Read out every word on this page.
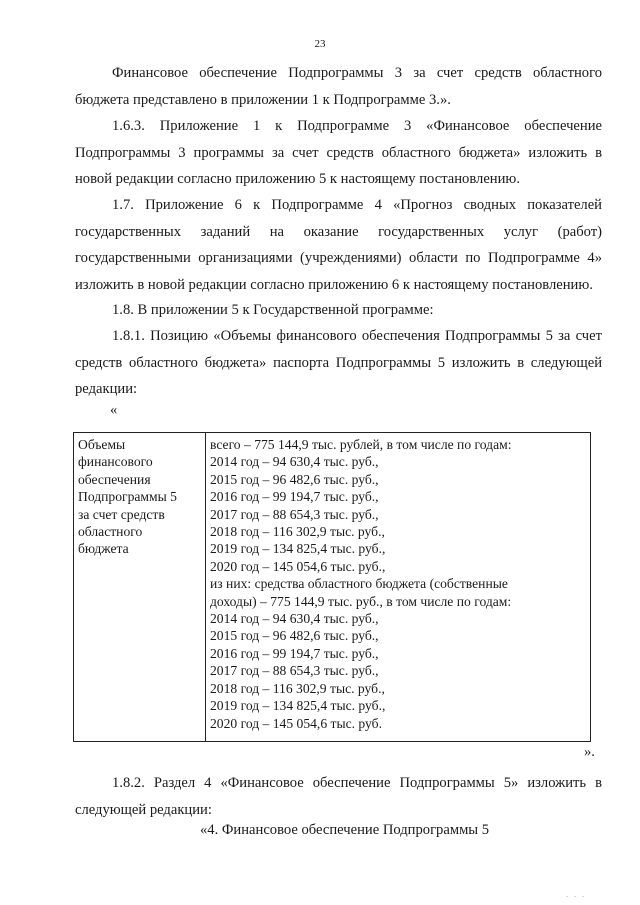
23

Финансовое обеспечение Подпрограммы 3 за счет средств областного бюджета представлено в приложении 1 к Подпрограмме 3.».

1.6.3. Приложение 1 к Подпрограмме 3 «Финансовое обеспечение Подпрограммы 3 программы за счет средств областного бюджета» изложить в новой редакции согласно приложению 5 к настоящему постановлению.

1.7. Приложение 6 к Подпрограмме 4 «Прогноз сводных показателей государственных заданий на оказание государственных услуг (работ) государственными организациями (учреждениями) области по Подпрограмме 4» изложить в новой редакции согласно приложению 6 к настоящему постановлению.

1.8. В приложении 5 к Государственной программе:

1.8.1. Позицию «Объемы финансового обеспечения Подпрограммы 5 за счет средств областного бюджета» паспорта Подпрограммы 5 изложить в следующей редакции:

«
Объемы
финансового
обеспечения
Подпрограммы 5
за счет средств
областного
бюджета

всего – 775 144,9 тыс. рублей, в том числе по годам:
2014 год – 94 630,4 тыс. руб.,
2015 год – 96 482,6 тыс. руб.,
2016 год – 99 194,7 тыс. руб.,
2017 год – 88 654,3 тыс. руб.,
2018 год – 116 302,9 тыс. руб.,
2019 год – 134 825,4 тыс. руб.,
2020 год – 145 054,6 тыс. руб.,
из них: средства областного бюджета (собственные
доходы) – 775 144,9 тыс. руб., в том числе по годам:
2014 год – 94 630,4 тыс. руб.,
2015 год – 96 482,6 тыс. руб.,
2016 год – 99 194,7 тыс. руб.,
2017 год – 88 654,3 тыс. руб.,
2018 год – 116 302,9 тыс. руб.,
2019 год – 134 825,4 тыс. руб.,
2020 год – 145 054,6 тыс. руб.
».

1.8.2. Раздел 4 «Финансовое обеспечение Подпрограммы 5» изложить в следующей редакции:

«4. Финансовое обеспечение Подпрограммы 5
. . .
